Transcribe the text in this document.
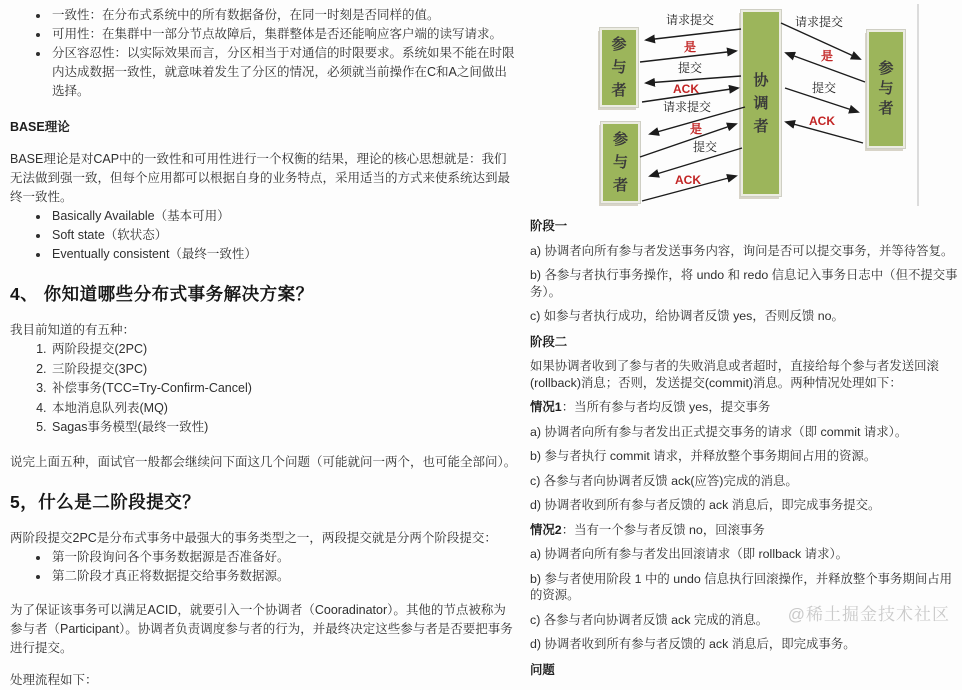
• 一致性：在分布式系统中的所有数据备份，在同一时刻是否同样的值。
• 可用性：在集群中一部分节点故障后，集群整体是否还能响应客户端的读写请求。
• 分区容忍性：以实际效果而言，分区相当于对通信的时限要求。系统如果不能在时限内达成数据一致性，就意味着发生了分区的情况，必须就当前操作在C和A之间做出选择。
BASE理论
BASE理论是对CAP中的一致性和可用性进行一个权衡的结果，理论的核心思想就是：我们无法做到强一致，但每个应用都可以根据自身的业务特点，采用适当的方式来使系统达到最终一致性。
• Basically Available（基本可用）
• Soft state（软状态）
• Eventually consistent（最终一致性）
4、 你知道哪些分布式事务解决方案？
我目前知道的有五种：
1. 两阶段提交(2PC)
2. 三阶段提交(3PC)
3. 补偿事务(TCC=Try-Confirm-Cancel)
4. 本地消息队列表(MQ)
5. Sagas事务模型(最终一致性)
说完上面五种，面试官一般都会继续问下面这几个问题（可能就问一两个，也可能全部问）。
5，什么是二阶段提交？
两阶段提交2PC是分布式事务中最强大的事务类型之一，两段提交就是分两个阶段提交：
• 第一阶段询问各个事务数据源是否准备好。
• 第二阶段才真正将数据提交给事务数据源。
为了保证该事务可以满足ACID，就要引入一个协调者（Cooradinator）。其他的节点被称为参与者（Participant）。协调者负责调度参与者的行为，并最终决定这些参与者是否要把事务进行提交。
处理流程如下：
协调者
参与者
参与者
参与者
请求提交
是
提交
ACK
请求提交
是
提交
ACK
请求提交
是
提交
ACK
阶段一
a) 协调者向所有参与者发送事务内容，询问是否可以提交事务，并等待答复。
b) 各参与者执行事务操作，将 undo 和 redo 信息记入事务日志中（但不提交事务）。
c) 如参与者执行成功，给协调者反馈 yes，否则反馈 no。
阶段二
如果协调者收到了参与者的失败消息或者超时，直接给每个参与者发送回滚(rollback)消息；否则，发送提交(commit)消息。两种情况处理如下：
情况1：当所有参与者均反馈 yes，提交事务
a) 协调者向所有参与者发出正式提交事务的请求（即 commit 请求）。
b) 参与者执行 commit 请求，并释放整个事务期间占用的资源。
c) 各参与者向协调者反馈 ack(应答)完成的消息。
d) 协调者收到所有参与者反馈的 ack 消息后，即完成事务提交。
情况2：当有一个参与者反馈 no，回滚事务
a) 协调者向所有参与者发出回滚请求（即 rollback 请求）。
b) 参与者使用阶段 1 中的 undo 信息执行回滚操作，并释放整个事务期间占用的资源。
c) 各参与者向协调者反馈 ack 完成的消息。
d) 协调者收到所有参与者反馈的 ack 消息后，即完成事务。
问题
@稀土掘金技术社区
